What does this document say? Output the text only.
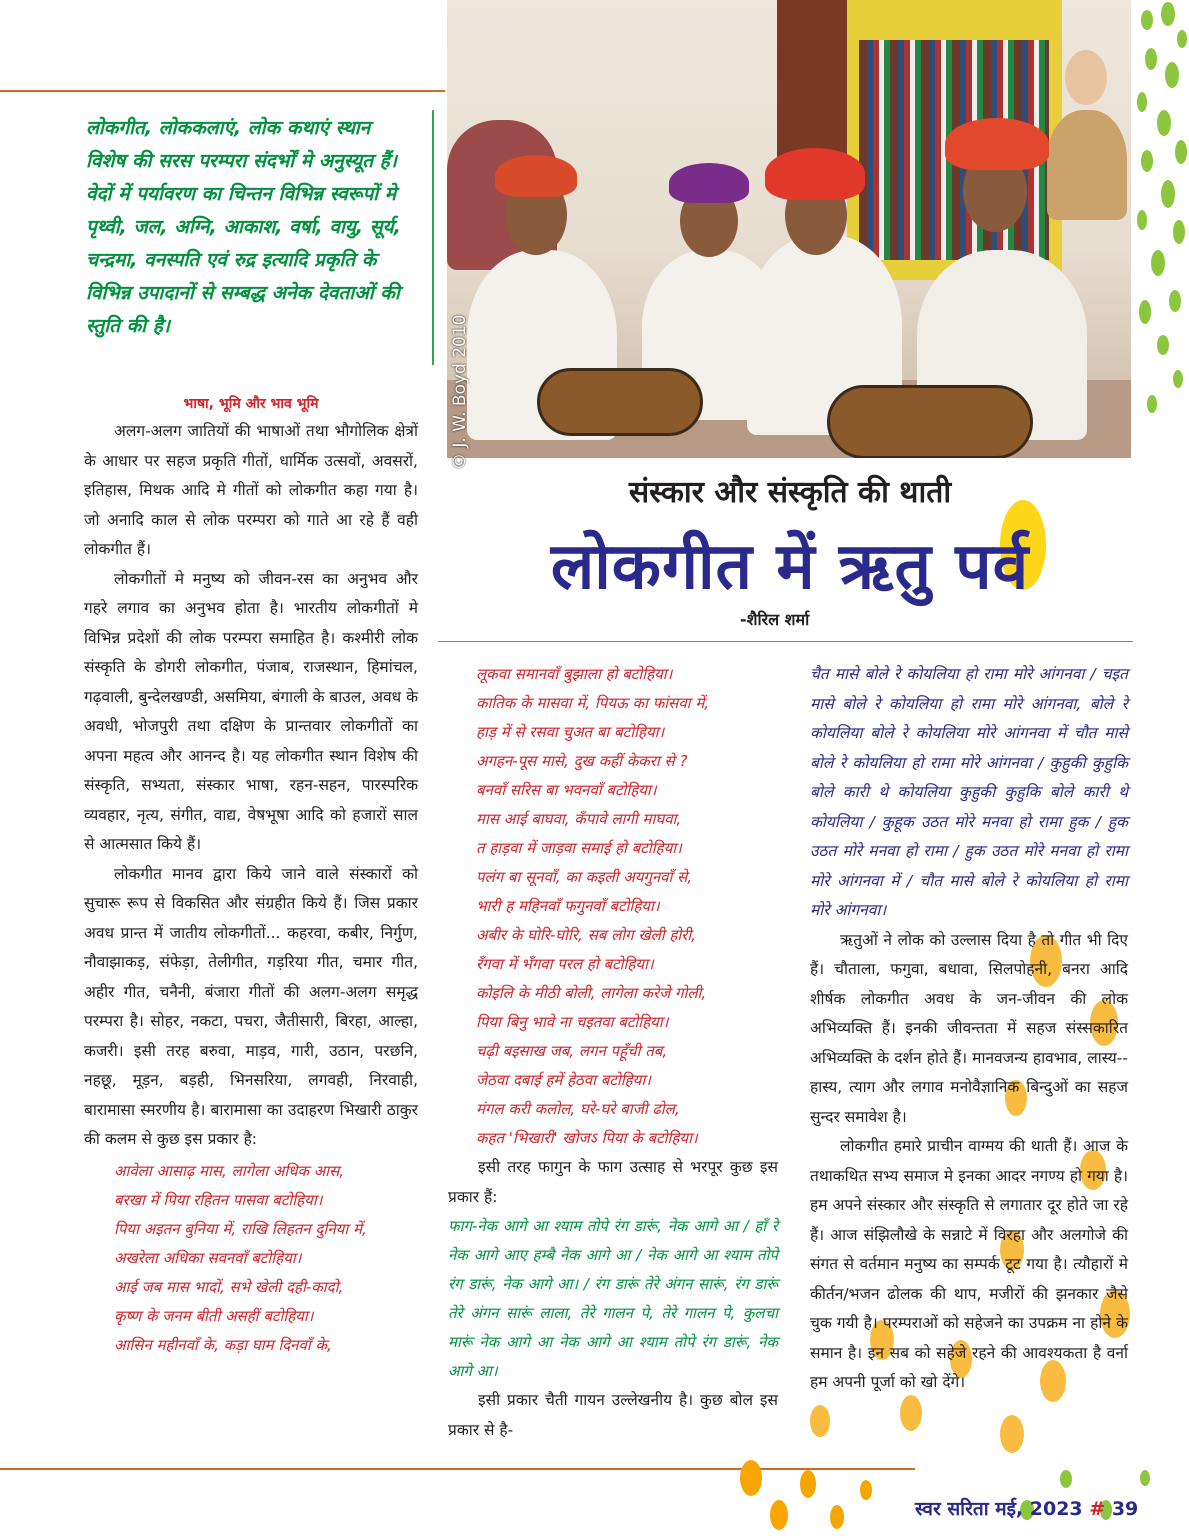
© J. W. Boyd 2010

लोकगीत, लोककलाएं, लोक कथाएं स्थान विशेष की सरस परम्परा संदर्भों मे अनुस्यूत हैं। वेदों में पर्यावरण का चिन्तन विभिन्न स्वरूपों मे पृथ्वी, जल, अग्नि, आकाश, वर्षा, वायु, सूर्य, चन्द्रमा, वनस्पति एवं रुद्र इत्यादि प्रकृति के विभिन्न उपादानों से सम्बद्ध अनेक देवताओं की स्तुति की है।

संस्कार और संस्कृति की थाती
लोकगीत में ऋतु पर्व
-शैरिल शर्मा

भाषा, भूमि और भाव भूमि

अलग-अलग जातियों की भाषाओं तथा भौगोलिक क्षेत्रों के आधार पर सहज प्रकृति गीतों, धार्मिक उत्सवों, अवसरों, इतिहास, मिथक आदि मे गीतों को लोकगीत कहा गया है। जो अनादि काल से लोक परम्परा को गाते आ रहे हैं वही लोकगीत हैं।

लोकगीतों मे मनुष्य को जीवन-रस का अनुभव और गहरे लगाव का अनुभव होता है। भारतीय लोकगीतों मे विभिन्न प्रदेशों की लोक परम्परा समाहित है। कश्मीरी लोक संस्कृति के डोगरी लोकगीत, पंजाब, राजस्थान, हिमांचल, गढ़वाली, बुन्देलखण्डी, असमिया, बंगाली के बाउल, अवध के अवधी, भोजपुरी तथा दक्षिण के प्रान्तवार लोकगीतों का अपना महत्व और आनन्द है। यह लोकगीत स्थान विशेष की संस्कृति, सभ्यता, संस्कार भाषा, रहन-सहन, पारस्परिक व्यवहार, नृत्य, संगीत, वाद्य, वेषभूषा आदि को हजारों साल से आत्मसात किये हैं।

लोकगीत मानव द्वारा किये जाने वाले संस्कारों को सुचारू रूप से विकसित और संग्रहीत किये हैं। जिस प्रकार अवध प्रान्त में जातीय लोकगीतों... कहरवा, कबीर, निर्गुण, नौवाझाकड़, संफेड़ा, तेलीगीत, गड़रिया गीत, चमार गीत, अहीर गीत, चनैनी, बंजारा गीतों की अलग-अलग समृद्ध परम्परा है। सोहर, नकटा, पचरा, जैतीसारी, बिरहा, आल्हा, कजरी। इसी तरह बरुवा, माड़व, गारी, उठान, परछनि, नहछू, मूड़न, बड़ही, भिनसरिया, लगवही, निरवाही, बारामासा स्मरणीय है। बारामासा का उदाहरण भिखारी ठाकुर की कलम से कुछ इस प्रकार है:

आवेला आसाढ़ मास, लागेला अधिक आस,
बरखा में पिया रहितन पासवा बटोहिया।
पिया अइतन बुनिया में, राखि लिहतन दुनिया में,
अखरेला अधिका सवनवाँ बटोहिया।
आई जब मास भादों, सभे खेली दही-कादो,
कृष्ण के जनम बीती असहीं बटोहिया।
आसिन महीनवाँ के, कड़ा घाम दिनवाँ के,

लूकवा समानवाँ बुझाला हो बटोहिया।
कातिक के मासवा में, पियऊ का फांसवा में,
हाड़ में से रसवा चुअत बा बटोहिया।
अगहन-पूस मासे, दुख कहीं केकरा से ?
बनवाँ सरिस बा भवनवाँ बटोहिया।
मास आई बाघवा, कँपावे लागी माघवा,
त हाड़वा में जाड़वा समाई हो बटोहिया।
पलंग बा सूनवाँ, का कइली अयगुनवाँ से,
भारी ह महिनवाँ फगुनवाँ बटोहिया।
अबीर के घोरि-घोरि, सब लोग खेली होरी,
रँगवा में भँगवा परल हो बटोहिया।
कोइलि के मीठी बोली, लागेला करेजे गोली,
पिया बिनु भावे ना चइतवा बटोहिया।
चढ़ी बइसाख जब, लगन पहूँची तब,
जेठवा दबाई हमें हेठवा बटोहिया।
मंगल करी कलोल, घरे-घरे बाजी ढोल,
कहत 'भिखारी' खोजऽ पिया के बटोहिया।

इसी तरह फागुन के फाग उत्साह से भरपूर कुछ इस प्रकार हैं:

फाग-नेक आगे आ श्याम तोपे रंग डारूं, नेक आगे आ / हाँ रे नेक आगे आए हम्बै नेक आगे आ / नेक आगे आ श्याम तोपे रंग डारूं, नेक आगे आ। / रंग डारूं तेरे अंगन सारूं, रंग डारूं तेरे अंगन सारूं लाला, तेरे गालन पे, तेरे गालन पे, कुलचा मारूं नेक आगे आ नेक आगे आ श्याम तोपे रंग डारूं, नेक आगे आ।

इसी प्रकार चैती गायन उल्लेखनीय है। कुछ बोल इस प्रकार से है-

चैत मासे बोले रे कोयलिया हो रामा मोरे आंगनवा / चइत मासे बोले रे कोयलिया हो रामा मोरे आंगनवा, बोले रे कोयलिया बोले रे कोयलिया मोरे आंगनवा में चौत मासे बोले रे कोयलिया हो रामा मोरे आंगनवा / कुहुकी कुहुकि बोले कारी थे कोयलिया कुहुकी कुहुकि बोले कारी थे कोयलिया / कुहूक उठत मोरे मनवा हो रामा हुक / हुक उठत मोरे मनवा हो रामा / हुक उठत मोरे मनवा हो रामा मोरे आंगनवा में / चौत मासे बोले रे कोयलिया हो रामा मोरे आंगनवा।

ऋतुओं ने लोक को उल्लास दिया है तो गीत भी दिए हैं। चौताला, फगुवा, बधावा, सिलपोहनी, बनरा आदि शीर्षक लोकगीत अवध के जन-जीवन की लोक अभिव्यक्ति हैं। इनकी जीवन्तता में सहज संस्सकारित अभिव्यक्ति के दर्शन होते हैं। मानवजन्य हावभाव, लास्य--हास्य, त्याग और लगाव मनोवैज्ञानिक बिन्दुओं का सहज सुन्दर समावेश है।

लोकगीत हमारे प्राचीन वाग्मय की थाती हैं। आज के तथाकथित सभ्य समाज मे इनका आदर नगण्य हो गया है। हम अपने संस्कार और संस्कृति से लगातार दूर होते जा रहे हैं। आज संझिलौखे के सन्नाटे में विरहा और अलगोजे की संगत से वर्तमान मनुष्य का सम्पर्क टूट गया है। त्यौहारों मे कीर्तन/भजन ढोलक की थाप, मजीरों की झनकार जैसे चुक गयी है। परम्पराओं को सहेजने का उपक्रम ना होने के समान है। इन सब को सहेजे रहने की आवश्यकता है वर्ना हम अपनी पूर्जा को खो देंगे।

स्वर सरिता मई, 2023 # 39
